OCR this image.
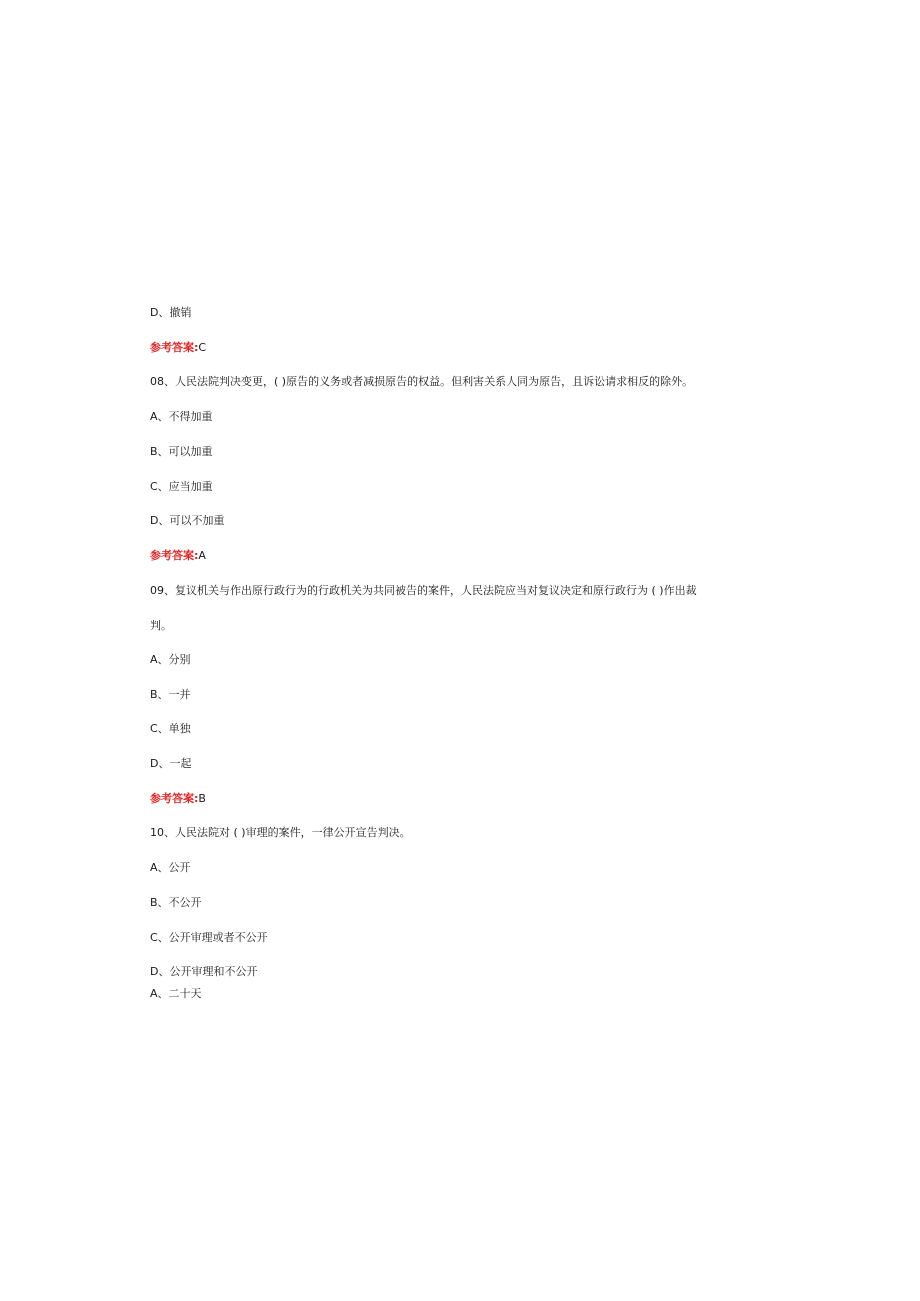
D、撤销
参考答案:C
08、人民法院判决变更，( )原告的义务或者减损原告的权益。但利害关系人同为原告，且诉讼请求相反的除外。
A、不得加重
B、可以加重
C、应当加重
D、可以不加重
参考答案:A
09、复议机关与作出原行政行为的行政机关为共同被告的案件，人民法院应当对复议决定和原行政行为 ( )作出裁
判。
A、分别
B、一并
C、单独
D、一起
参考答案:B
10、人民法院对 ( )审理的案件，一律公开宣告判决。
A、公开
B、不公开
C、公开审理或者不公开
D、公开审理和不公开
A、二十天
